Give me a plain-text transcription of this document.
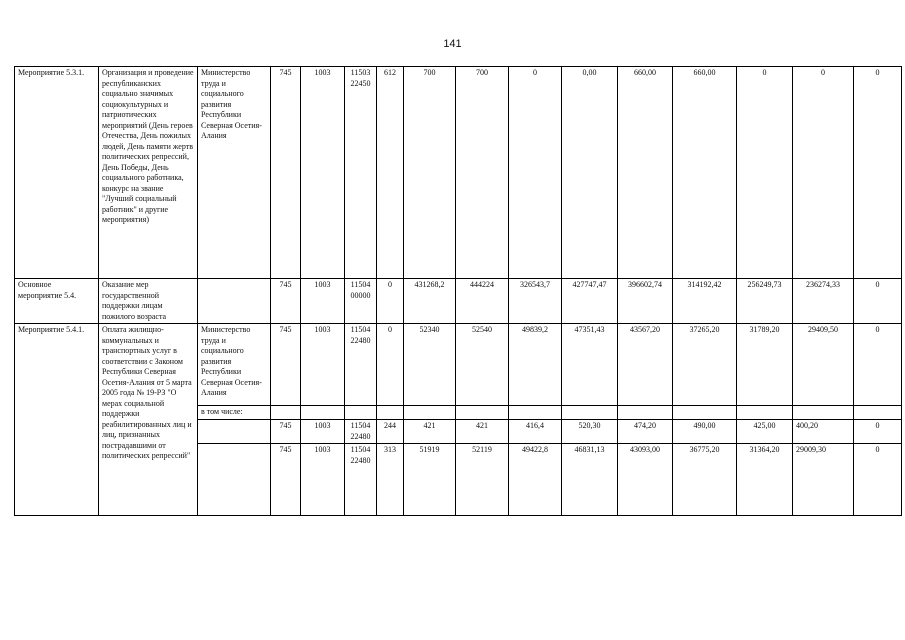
141
Мероприятие 5.3.1.	Организация и проведение республиканских социально значимых социокультурных и патриотических мероприятий (День героев Отечества, День пожилых людей, День памяти жертв политических репрессий, День Победы, День социального работника, конкурс на звание "Лучший социальный работник" и другие мероприятия)	Министерство труда и социального развития Республики Северная Осетия-Алания	745	1003	11503 22450	612	700	700	0	0,00	660,00	660,00	0	0	0
Основное мероприятие 5.4.	Оказание мер государственной поддержки лицам пожилого возраста		745	1003	11504 00000	0	431268,2	444224	326543,7	427747,47	396602,74	314192,42	256249,73	236274,33	0
Мероприятие 5.4.1.	Оплата жилищно-коммунальных и транспортных услуг в соответствии с Законом Республики Северная Осетия-Алания от 5 марта 2005 года № 19-РЗ "О мерах социальной поддержки реабилитированных лиц и лиц, признанных пострадавшими от политических репрессий"	Министерство труда и социального развития Республики Северная Осетия-Алания	745	1003	11504 22480	0	52340	52540	49839,2	47351,43	43567,20	37265,20	31789,20	29409,50	0
		в том числе:													
			745	1003	11504 22480	244	421	421	416,4	520,30	474,20	490,00	425,00	400,20	0
			745	1003	11504 22480	313	51919	52119	49422,8	46831,13	43093,00	36775,20	31364,20	29009,30	0
